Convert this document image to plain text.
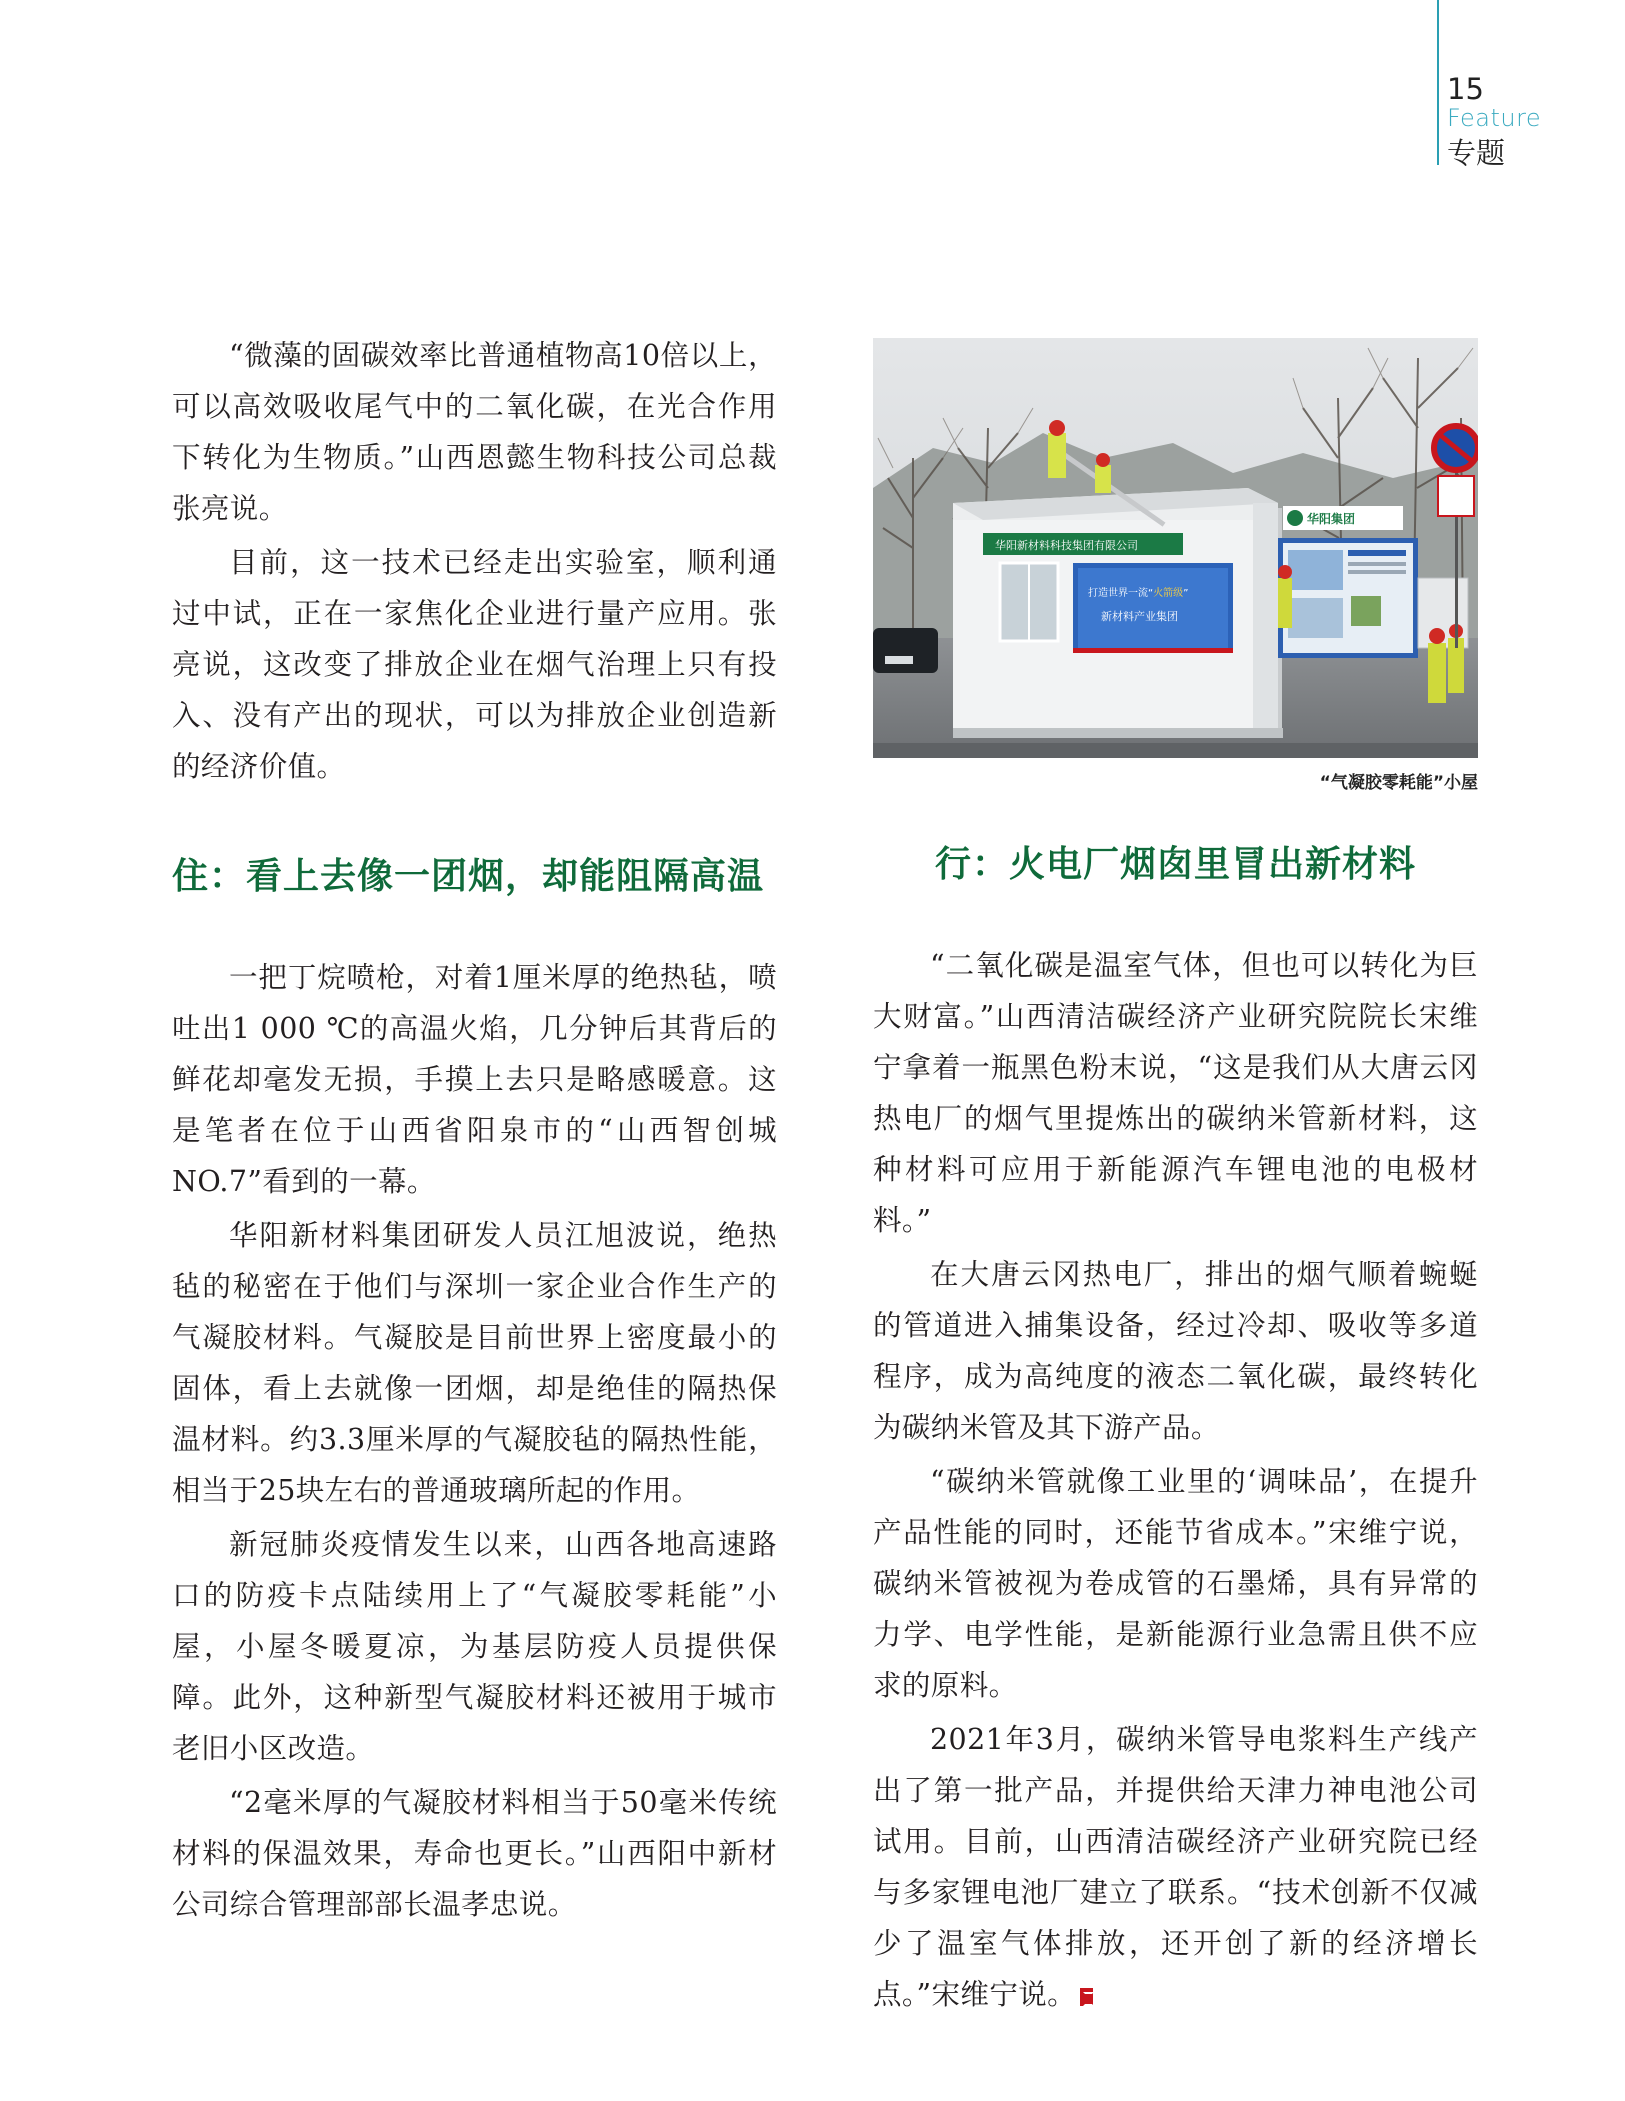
15
Feature
专题

“微藻的固碳效率比普通植物高10倍以上，可以高效吸收尾气中的二氧化碳，在光合作用下转化为生物质。”山西恩懿生物科技公司总裁张亮说。

目前，这一技术已经走出实验室，顺利通过中试，正在一家焦化企业进行量产应用。张亮说，这改变了排放企业在烟气治理上只有投入、没有产出的现状，可以为排放企业创造新的经济价值。

住：看上去像一团烟，却能阻隔高温

一把丁烷喷枪，对着1厘米厚的绝热毡，喷吐出1 000 ℃的高温火焰，几分钟后其背后的鲜花却毫发无损，手摸上去只是略感暖意。这是笔者在位于山西省阳泉市的“山西智创城NO.7”看到的一幕。

华阳新材料集团研发人员江旭波说，绝热毡的秘密在于他们与深圳一家企业合作生产的气凝胶材料。气凝胶是目前世界上密度最小的固体，看上去就像一团烟，却是绝佳的隔热保温材料。约3.3厘米厚的气凝胶毡的隔热性能，相当于25块左右的普通玻璃所起的作用。

新冠肺炎疫情发生以来，山西各地高速路口的防疫卡点陆续用上了“气凝胶零耗能”小屋，小屋冬暖夏凉，为基层防疫人员提供保障。此外，这种新型气凝胶材料还被用于城市老旧小区改造。

“2毫米厚的气凝胶材料相当于50毫米传统材料的保温效果，寿命也更长。”山西阳中新材公司综合管理部部长温孝忠说。

华阳新材料科技集团有限公司
打造世界一流“火箭级”
新材料产业集团
华阳集团
“气凝胶零耗能”小屋
行：火电厂烟囱里冒出新材料

“二氧化碳是温室气体，但也可以转化为巨大财富。”山西清洁碳经济产业研究院院长宋维宁拿着一瓶黑色粉末说，“这是我们从大唐云冈热电厂的烟气里提炼出的碳纳米管新材料，这种材料可应用于新能源汽车锂电池的电极材料。”

在大唐云冈热电厂，排出的烟气顺着蜿蜒的管道进入捕集设备，经过冷却、吸收等多道程序，成为高纯度的液态二氧化碳，最终转化为碳纳米管及其下游产品。

“碳纳米管就像工业里的‘调味品’，在提升产品性能的同时，还能节省成本。”宋维宁说，碳纳米管被视为卷成管的石墨烯，具有异常的力学、电学性能，是新能源行业急需且供不应求的原料。

2021年3月，碳纳米管导电浆料生产线产出了第一批产品，并提供给天津力神电池公司试用。目前，山西清洁碳经济产业研究院已经与多家锂电池厂建立了联系。“技术创新不仅减少了温室气体排放，还开创了新的经济增长点。”宋维宁说。
